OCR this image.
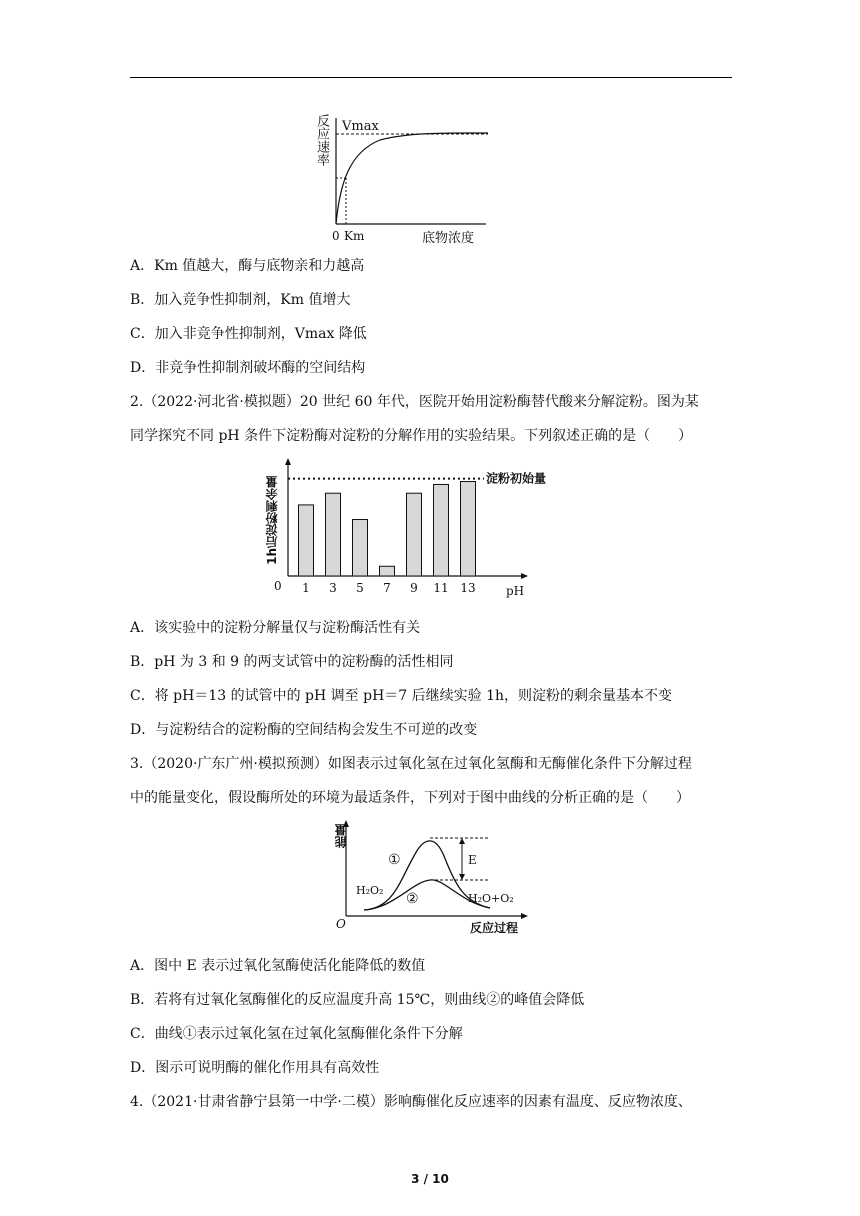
Vmax
0 Km	底物浓度
反应速率
A．Km 值越大，酶与底物亲和力越高
B．加入竞争性抑制剂，Km 值增大
C．加入非竞争性抑制剂，Vmax 降低
D．非竞争性抑制剂破坏酶的空间结构
2.（2022·河北省·模拟题）20 世纪 60 年代，医院开始用淀粉酶替代酸来分解淀粉。图为某
同学探究不同 pH 条件下淀粉酶对淀粉的分解作用的实验结果。下列叙述正确的是（　　）
1 3 5 7 9 11 13
淀粉初始量
0	pH
1h后淀粉剩余量
A．该实验中的淀粉分解量仅与淀粉酶活性有关
B．pH 为 3 和 9 的两支试管中的淀粉酶的活性相同
C．将 pH＝13 的试管中的 pH 调至 pH＝7 后继续实验 1h，则淀粉的剩余量基本不变
D．与淀粉结合的淀粉酶的空间结构会发生不可逆的改变
3.（2020·广东广州·模拟预测）如图表示过氧化氢在过氧化氢酶和无酶催化条件下分解过程
中的能量变化，假设酶所处的环境为最适条件，下列对于图中曲线的分析正确的是（　　）
①
②
E
H₂O₂
H₂O+O₂
O	反应过程
能量
A．图中 E 表示过氧化氢酶使活化能降低的数值
B．若将有过氧化氢酶催化的反应温度升高 15℃，则曲线②的峰值会降低
C．曲线①表示过氧化氢在过氧化氢酶催化条件下分解
D．图示可说明酶的催化作用具有高效性
4.（2021·甘肃省静宁县第一中学·二模）影响酶催化反应速率的因素有温度、反应物浓度、
3 / 10
